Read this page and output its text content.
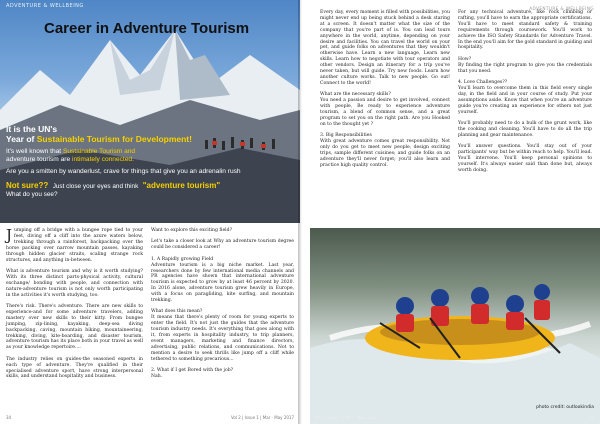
ADVENTURE & WELLBEING
Career in Adventure Tourism
It is the UN's
Year of Sustainable Tourism for Development!
It's well known that Sustainable Tourism and
adventure tourism are intimately connected.
Are you a smitten by wanderlust, crave for things that give you an adrenalin rush
Not sure?? Just close your eyes and think "adventure tourism"
What do you see?

Jumping off a bridge with a bungee rope tied to your feet, diving off a cliff into the azure waters below, trekking through a rainforest, backpacking over the horse packing over narrow mountain passes, kayaking through hidden glacier straits, scaling strange rock structures, and anything in-between.

What is adventure tourism and why is it worth studying? With its three distinct parts-physical activity, cultural exchange/ bonding with people, and connection with nature-adventure tourism is not only worth participating in the activities it's worth studying, too.

There's risk. There's adventure. There are new skills to experience-and for some adventure travelers, adding mastery over new skills to their kitty. From bungee jumping, zip-lining, kayaking, deep-sea diving backpacking, caving, mountain biking, mountaineering, trekking, diving, kite-boarding, and disaster tourism, adventure tourism has its place both in your travel as well as your knowledge repertoire....

The industry relies on guides-the seasoned experts in each type of adventure. They're qualified in their specialised adventure sport, have strong interpersonal skills, and understand hospitality and business.

Want to explore this exciting field?

Let's take a closer look at Why an adventure tourism degree could be considered a career!

1. A Rapidly growing Field

Adventure tourism is a big niche market. Last year, researchers done by few international media channels and PR agencies have shown that international adventure tourism is expected to grow by at least 46 percent by 2020. In 2016 alone, adventure tourism grew heavily in Europe, with a focus on paragliding, kite surfing, and mountain trekking.

What does this mean?

It means that there's plenty of room for young experts to enter the field. It's not just the guides that the adventure tourism industry needs. It's everything that goes along with it, from experts in hospitality industry, to trip planners, event managers, marketing and finance directors, advertising, public relations, and communications. Not to mention a desire to seek thrills like jump off a cliff while tethered to something precarious...

2. What if I get Bored with the job?

Nah.

34	Vol 2 | Issue 1 | Mar - May 2017
ADVENTURE & WELLBEING

Every day, every moment is filled with possibilities, you might never end up being stuck behind a desk staring at a screen. It doesn't matter what the size of the company that you're part of is. You can lead tours anywhere in the world, anytime, depending on your desire and facilities. You can travel the world on your pet, and guide folks on adventures that they wouldn't otherwise have. Learn a new language, Learn new skills. Learn how to negotiate with tour operators and other vendors. Design an itinerary for a trip you've never taken, but will guide. Try new foods. Learn how another culture works. Talk to new people. Go out! Connect to the world!

What are the necessary skills?

You need a passion and desire to get involved, connect with people, Be ready to experience adventure tourism, a blend of common sense, and a great program to set you on the right path. Are you Hooked on to the thought yet ?

3. Big Responsibilities

With great adventure comes great responsibility. Not only do you get to meet new people, design exciting trips, sample different cuisines; and guide folks on an adventure they'll never forget; you'll also learn and practice high quality control.

For any technical adventure, like rock climbing or rafting, you'll have to earn the appropriate certifications. You'll have to meet standard safety & training requirements through coursework. You'll work to achieve the ISO Safety Standards for Adventure Travel. In the end you'll aim for the gold standard in guiding and hospitality.

How?

By finding the right program to give you the credentials that you need.

4. Love Challenges??

You'll learn to overcome them in this field every single day, in the field and in your course of study. Put your assumptions aside. Know that when you're an adventure guide you're creating an experience for others not just yourself.

You'll probably need to do a bulk of the grunt work, like the cooking and cleaning. You'll have to do all the trip planning and gear maintenance.

You'll answer questions. You'll stay out of your participants' way but be within reach to help. You'll lead. You'll intervene. You'll keep personal opinions to yourself. It's always easier said than done but, always worth doing.

photo credit: outlookindia
Vol 2 | Issue 1 | Mar - May 2017	35
